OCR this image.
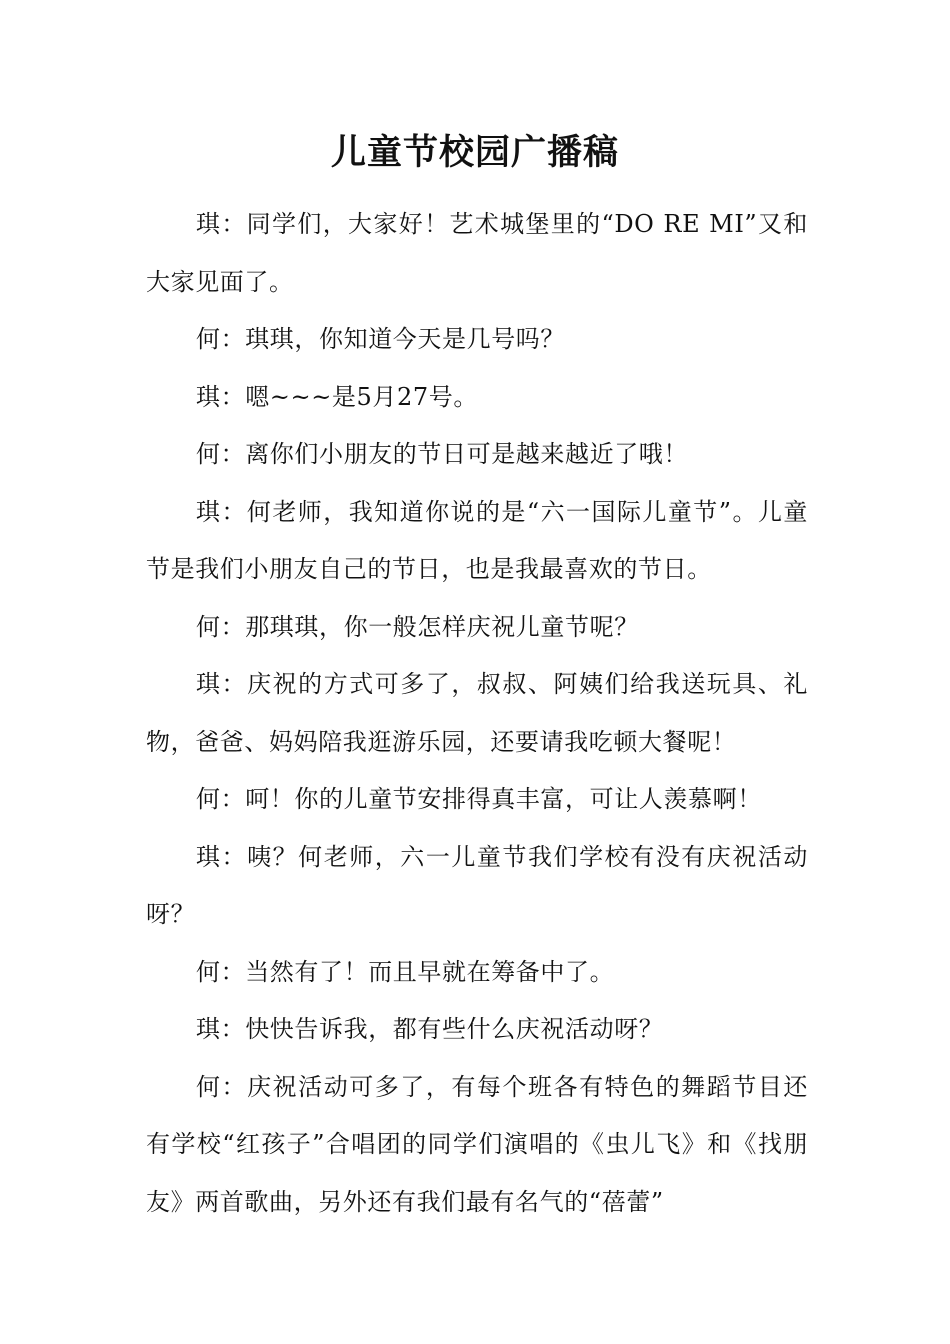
儿童节校园广播稿

琪：同学们，大家好！艺术城堡里的“DO RE MI”又和大家见面了。

何：琪琪，你知道今天是几号吗？

琪：嗯~~~是5月27号。

何：离你们小朋友的节日可是越来越近了哦！

琪：何老师，我知道你说的是“六一国际儿童节”。儿童节是我们小朋友自己的节日，也是我最喜欢的节日。

何：那琪琪，你一般怎样庆祝儿童节呢？

琪：庆祝的方式可多了，叔叔、阿姨们给我送玩具、礼物，爸爸、妈妈陪我逛游乐园，还要请我吃顿大餐呢！

何：呵！你的儿童节安排得真丰富，可让人羡慕啊！

琪：咦？何老师，六一儿童节我们学校有没有庆祝活动呀？

何：当然有了！而且早就在筹备中了。

琪：快快告诉我，都有些什么庆祝活动呀？

何：庆祝活动可多了，有每个班各有特色的舞蹈节目还有学校“红孩子”合唱团的同学们演唱的《虫儿飞》和《找朋友》两首歌曲，另外还有我们最有名气的“蓓蕾”
